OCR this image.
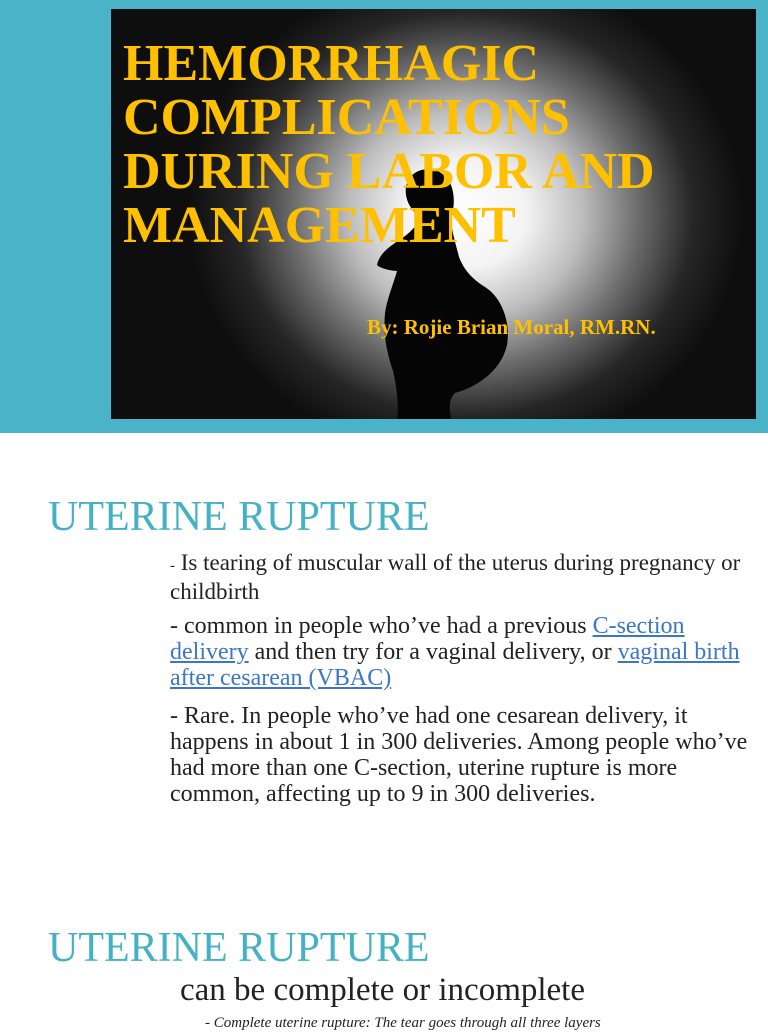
HEMORRHAGIC COMPLICATIONS DURING LABOR AND MANAGEMENT

By: Rojie Brian Moral, RM.RN.

UTERINE RUPTURE

- Is tearing of muscular wall of the uterus during pregnancy or childbirth

- common in people who’ve had a previous C-section delivery and then try for a vaginal delivery, or vaginal birth after cesarean (VBAC)

- Rare. In people who’ve had one cesarean delivery, it happens in about 1 in 300 deliveries. Among people who’ve had more than one C-section, uterine rupture is more common, affecting up to 9 in 300 deliveries.

UTERINE RUPTURE

can be complete or incomplete

- Complete uterine rupture: The tear goes through all three layers
